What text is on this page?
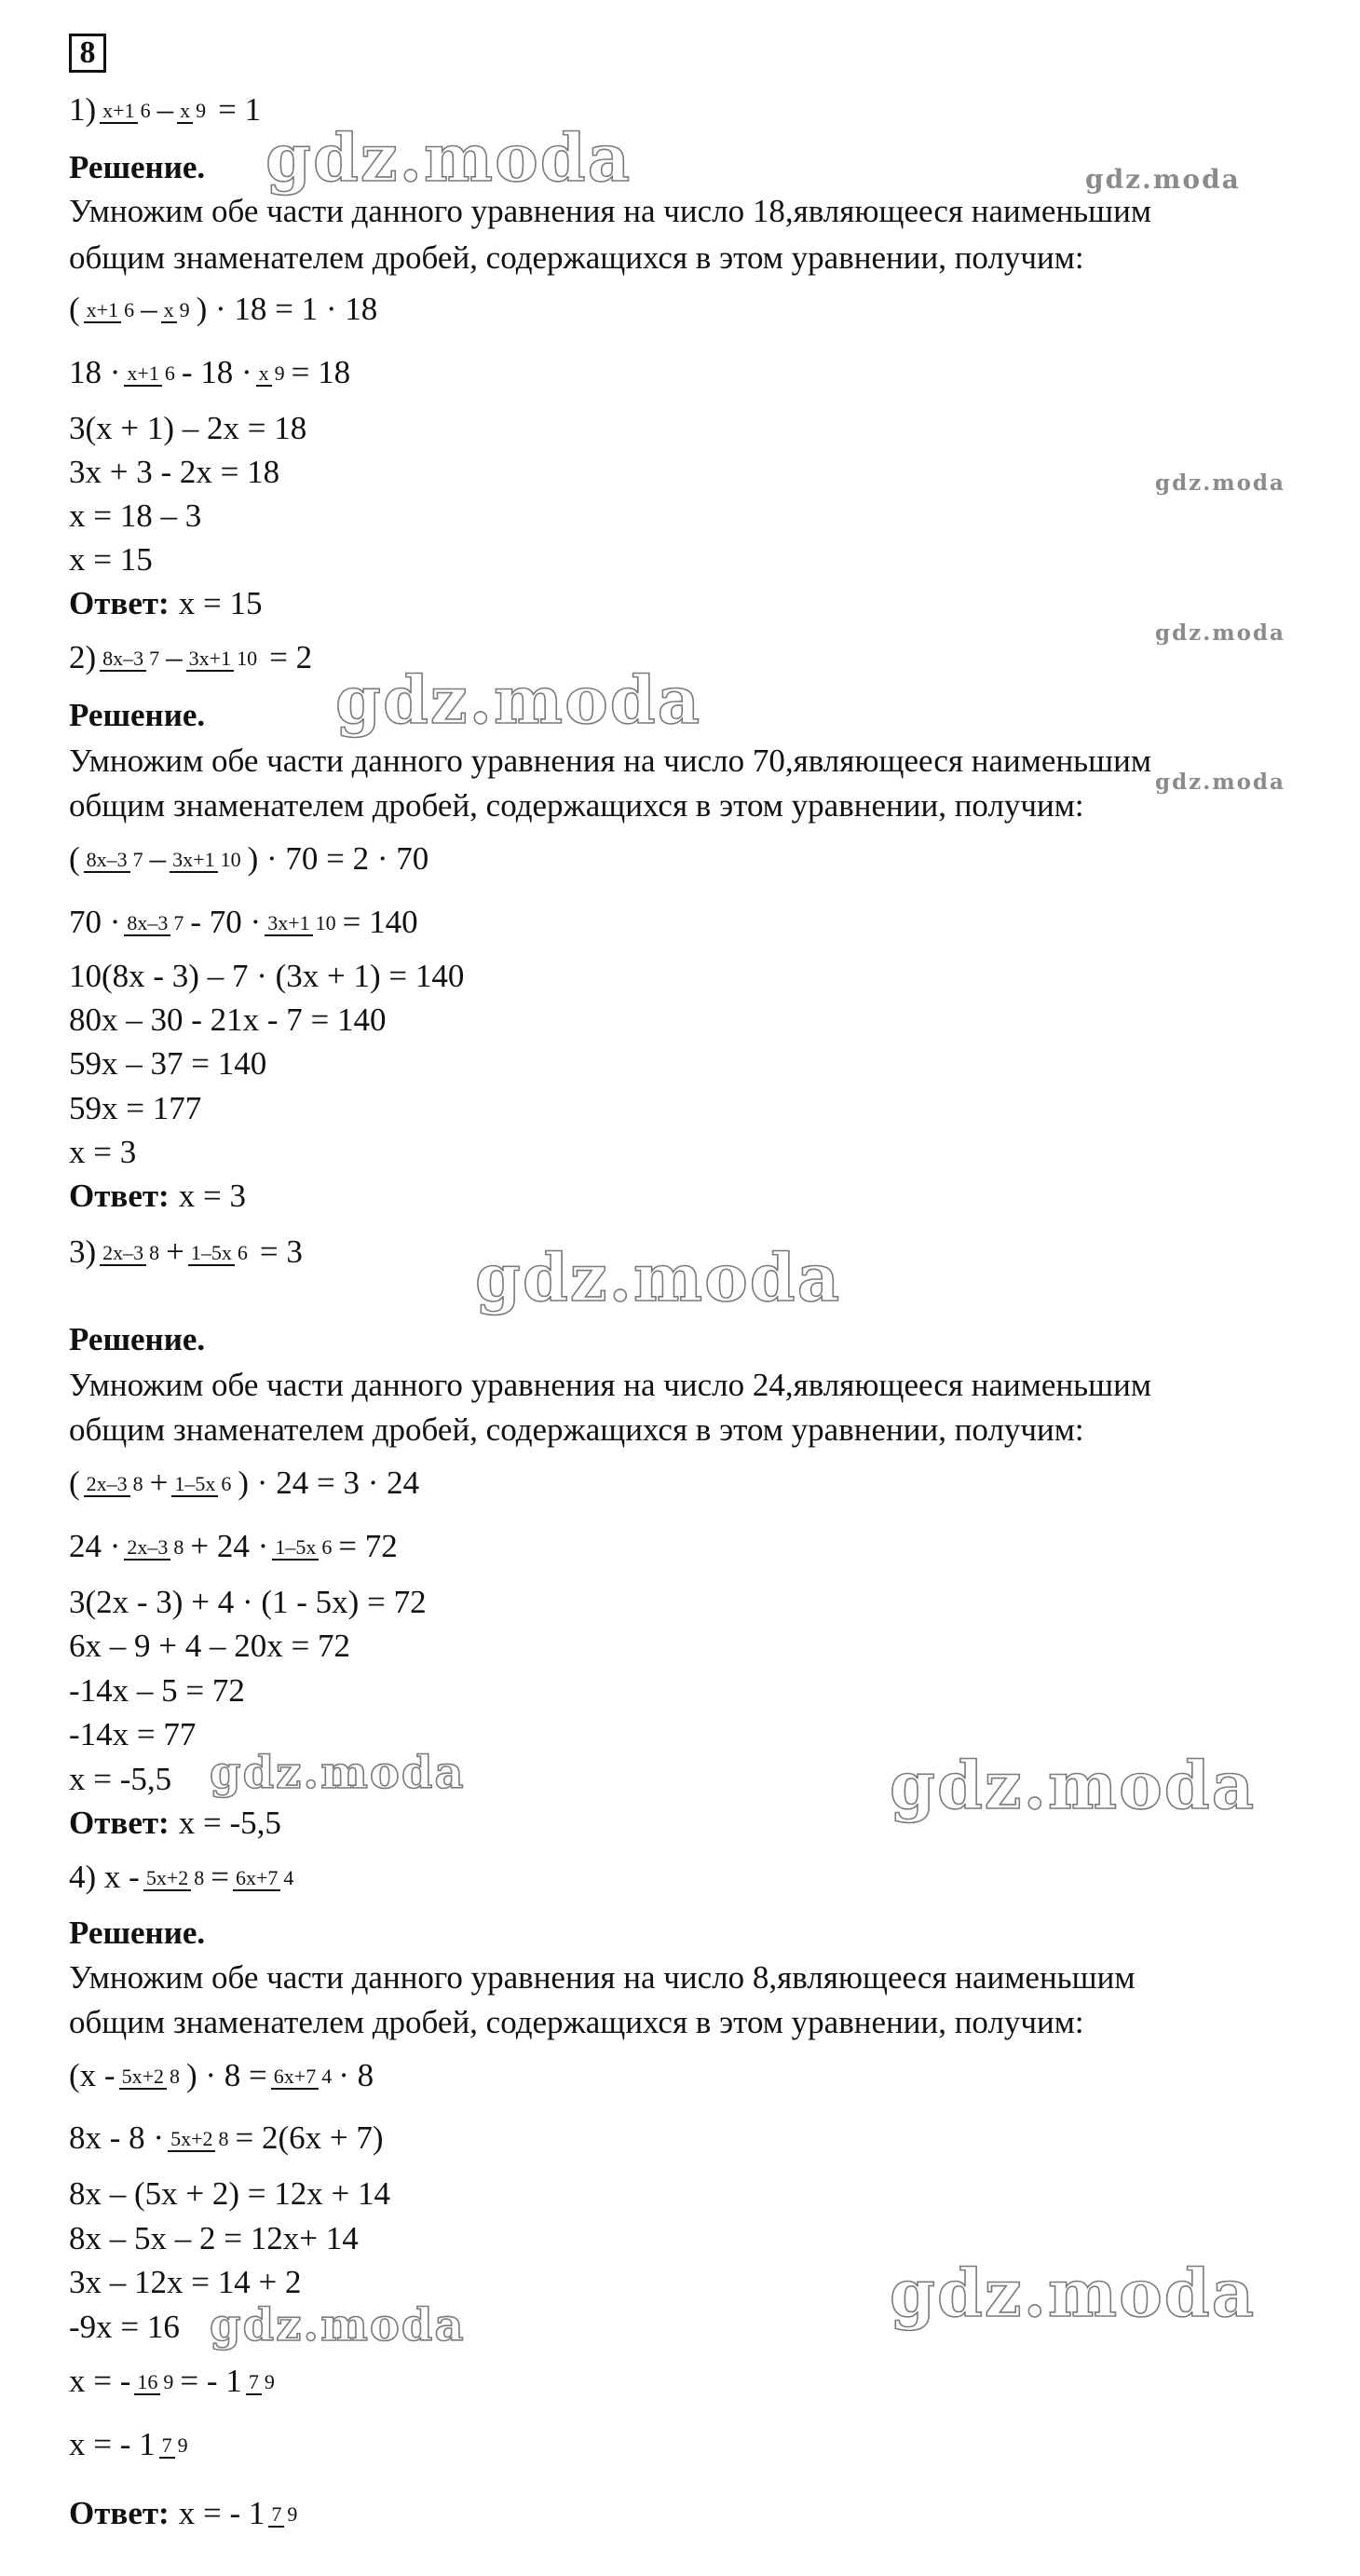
8
1) x+1 6 – x 9 = 1
Решение.
Умножим обе части данного уравнения на число 18,являющееся наименьшим
общим знаменателем дробей, содержащихся в этом уравнении, получим:
( x+1 6 – x 9 ) · 18 = 1 · 18
18 · x+1 6 - 18 · x 9 = 18
3(x + 1) – 2x = 18
3x + 3 - 2x = 18
x = 18 – 3
x = 15
Ответ: x = 15
2) 8x–3 7 – 3x+1 10 = 2
Решение.
Умножим обе части данного уравнения на число 70,являющееся наименьшим
общим знаменателем дробей, содержащихся в этом уравнении, получим:
( 8x–3 7 – 3x+1 10 ) · 70 = 2 · 70
70 · 8x–3 7 - 70 · 3x+1 10 = 140
10(8x - 3) – 7 · (3x + 1) = 140
80x – 30 - 21x - 7 = 140
59x – 37 = 140
59x = 177
x = 3
Ответ: x = 3
3) 2x–3 8 + 1–5x 6 = 3
Решение.
Умножим обе части данного уравнения на число 24,являющееся наименьшим
общим знаменателем дробей, содержащихся в этом уравнении, получим:
( 2x–3 8 + 1–5x 6 ) · 24 = 3 · 24
24 · 2x–3 8 + 24 · 1–5x 6 = 72
3(2x - 3) + 4 · (1 - 5x) = 72
6x – 9 + 4 – 20x = 72
-14x – 5 = 72
-14x = 77
x = -5,5
Ответ: x = -5,5
4) x - 5x+2 8 = 6x+7 4
Решение.
Умножим обе части данного уравнения на число 8,являющееся наименьшим
общим знаменателем дробей, содержащихся в этом уравнении, получим:
(x - 5x+2 8 ) · 8 = 6x+7 4 · 8
8x - 8 · 5x+2 8 = 2(6x + 7)
8x – (5x + 2) = 12x + 14
8x – 5x – 2 = 12x+ 14
3x – 12x = 14 + 2
-9x = 16
x = - 16 9 = - 1 7 9
x = - 1 7 9
Ответ: x = - 1 7 9
gdz.moda	gdz.moda
gdz.moda
gdz.moda
gdz.moda
gdz.moda
gdz.moda
gdz.moda	gdz.moda
gdz.moda
gdz.moda
